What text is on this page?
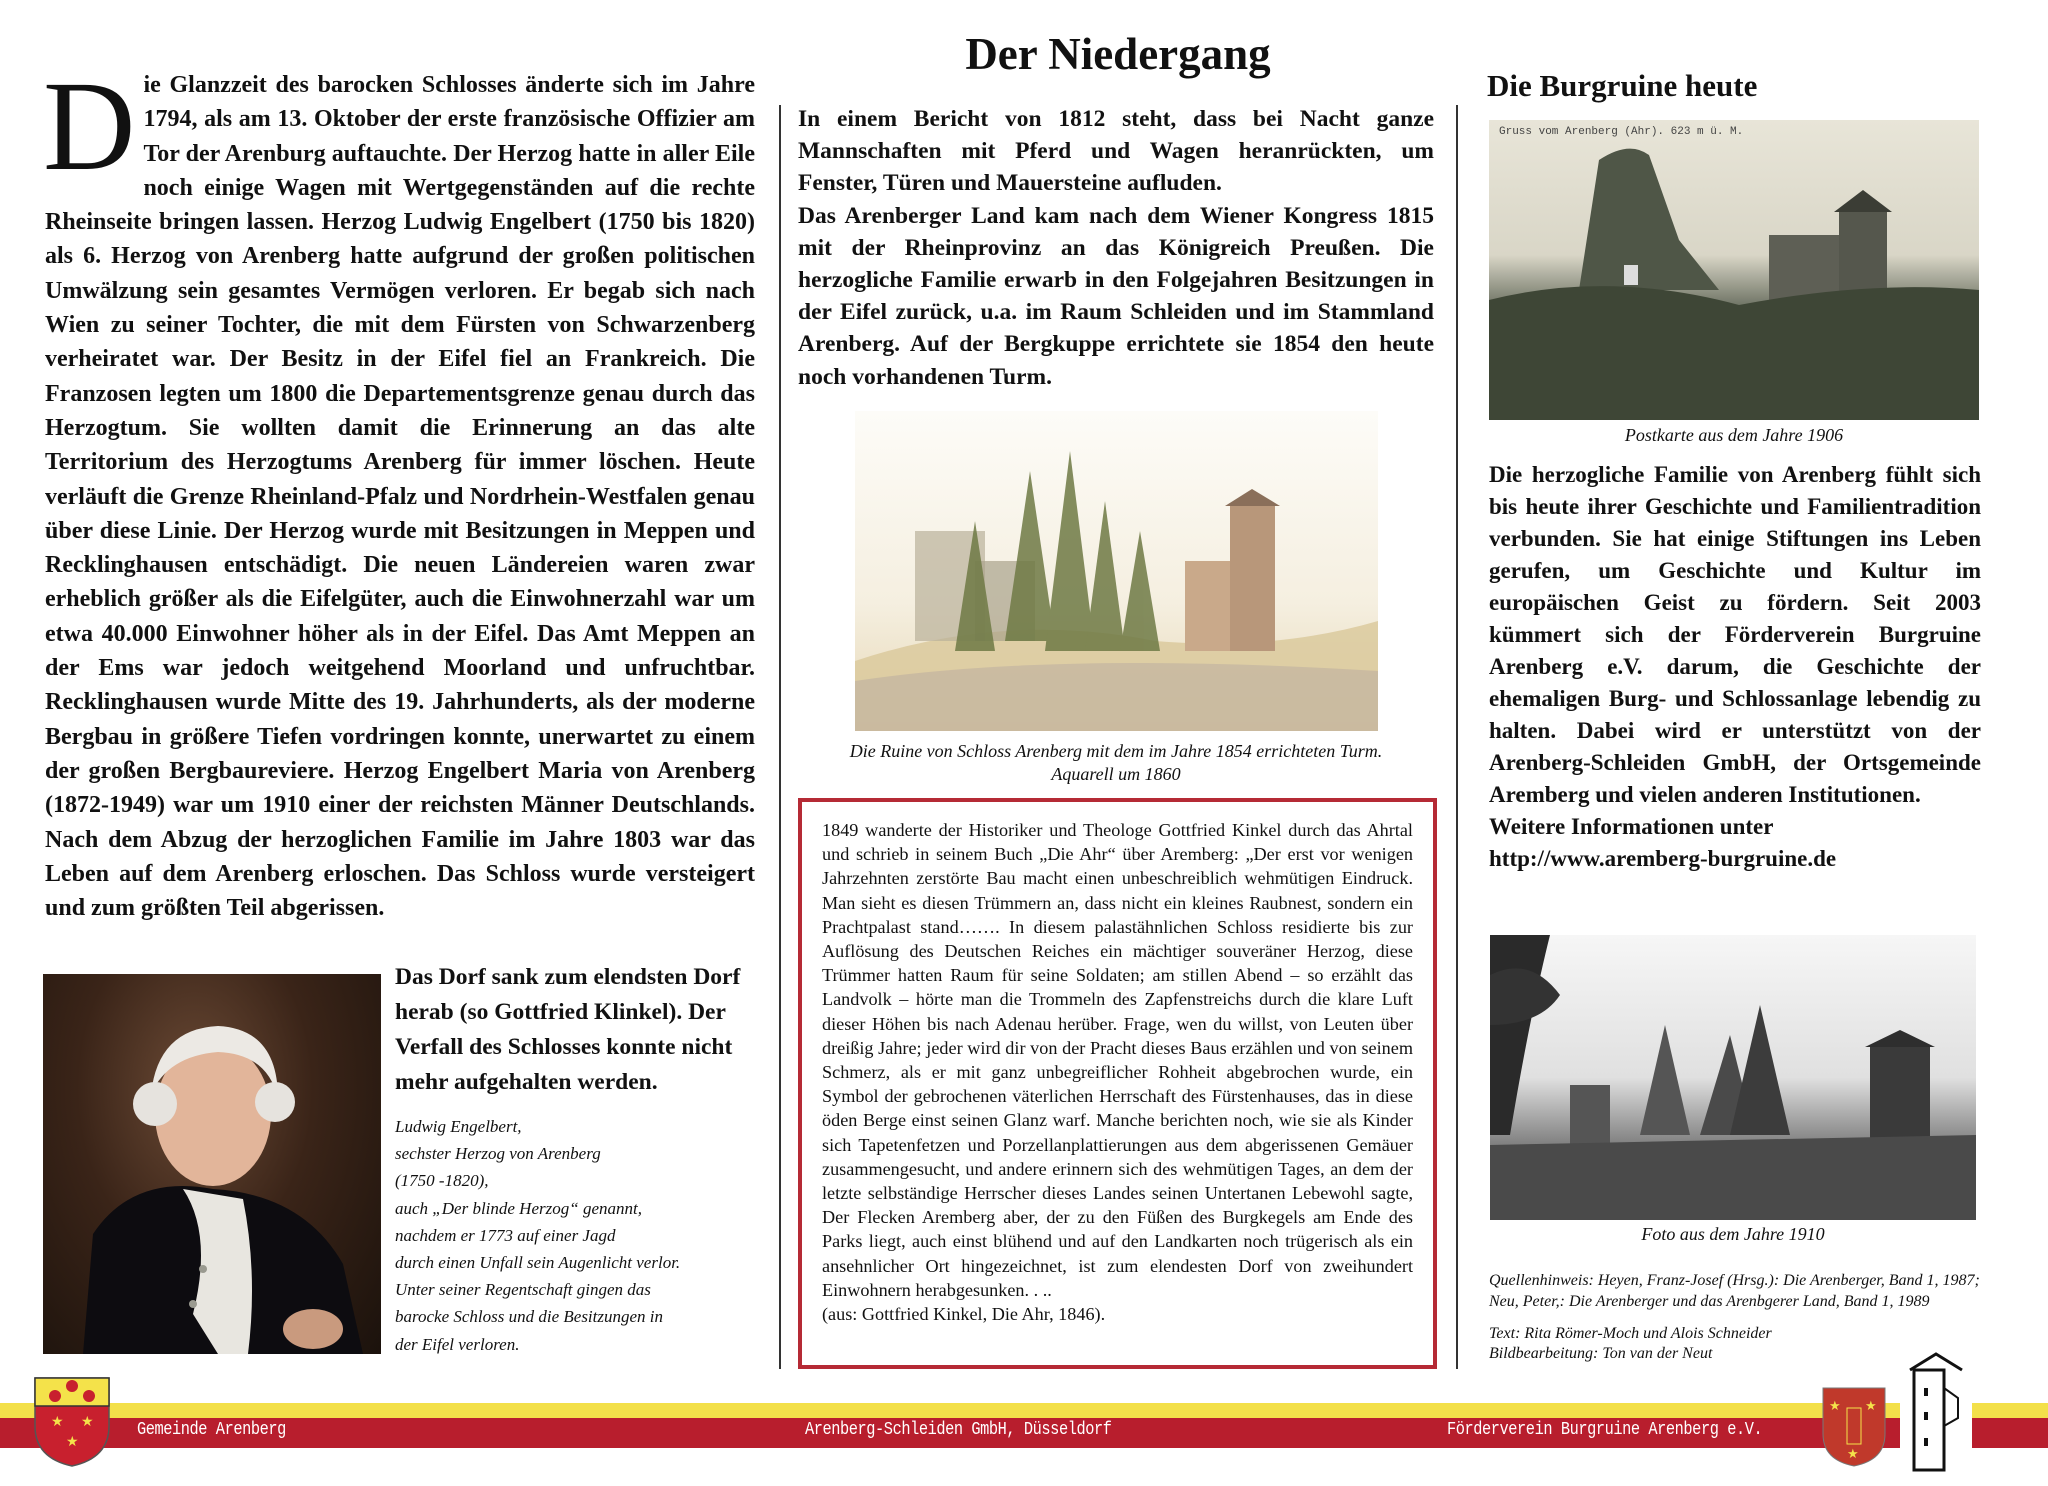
Die Glanzzeit des barocken Schlosses änderte sich im Jahre 1794, als am 13. Oktober der erste französische Offizier am Tor der Arenburg auftauchte. Der Herzog hatte in aller Eile noch einige Wagen mit Wertgegenständen auf die rechte Rheinseite bringen lassen. Herzog Ludwig Engelbert (1750 bis 1820) als 6. Herzog von Arenberg hatte aufgrund der großen politischen Umwälzung sein gesamtes Vermögen verloren. Er begab sich nach Wien zu seiner Tochter, die mit dem Fürsten von Schwarzenberg verheiratet war. Der Besitz in der Eifel fiel an Frankreich. Die Franzosen legten um 1800 die Departementsgrenze genau durch das Herzogtum. Sie wollten damit die Erinnerung an das alte Territorium des Herzogtums Arenberg für immer löschen. Heute verläuft die Grenze Rheinland-Pfalz und Nordrhein-Westfalen genau über diese Linie. Der Herzog wurde mit Besitzungen in Meppen und Recklinghausen entschädigt. Die neuen Ländereien waren zwar erheblich größer als die Eifelgüter, auch die Einwohnerzahl war um etwa 40.000 Einwohner höher als in der Eifel. Das Amt Meppen an der Ems war jedoch weitgehend Moorland und unfruchtbar. Recklinghausen wurde Mitte des 19. Jahrhunderts, als der moderne Bergbau in größere Tiefen vordringen konnte, unerwartet zu einem der großen Bergbaureviere. Herzog Engelbert Maria von Arenberg (1872-1949) war um 1910 einer der reichsten Männer Deutschlands. Nach dem Abzug der herzoglichen Familie im Jahre 1803 war das Leben auf dem Arenberg erloschen. Das Schloss wurde versteigert und zum größten Teil abgerissen.
Das Dorf sank zum elendsten Dorf herab (so Gottfried Klinkel). Der Verfall des Schlosses konnte nicht mehr aufgehalten werden.
Ludwig Engelbert,
sechster Herzog von Arenberg
(1750 -1820),
auch „Der blinde Herzog“ genannt,
nachdem er 1773 auf einer Jagd
durch einen Unfall sein Augenlicht verlor.
Unter seiner Regentschaft gingen das
barocke Schloss und die Besitzungen in
der Eifel verloren.
Der Niedergang
In einem Bericht von 1812 steht, dass bei Nacht ganze Mannschaften mit Pferd und Wagen heranrückten, um Fenster, Türen und Mauersteine aufluden.
Das Arenberger Land kam nach dem Wiener Kongress 1815 mit der Rheinprovinz an das Königreich Preußen. Die herzogliche Familie erwarb in den Folgejahren Besitzungen in der Eifel zurück, u.a. im Raum Schleiden und im Stammland Arenberg. Auf der Bergkuppe errichtete sie 1854 den heute noch vorhandenen Turm.
Die Ruine von Schloss Arenberg mit dem im Jahre 1854 errichteten Turm.
Aquarell um 1860
1849 wanderte der Historiker und Theologe Gottfried Kinkel durch das Ahrtal und schrieb in seinem Buch „Die Ahr“ über Aremberg: „Der erst vor wenigen Jahrzehnten zerstörte Bau macht einen unbeschreiblich wehmütigen Eindruck. Man sieht es diesen Trümmern an, dass nicht ein kleines Raubnest, sondern ein Prachtpalast stand……. In diesem palastähnlichen Schloss residierte bis zur Auflösung des Deutschen Reiches ein mächtiger souveräner Herzog, diese Trümmer hatten Raum für seine Soldaten; am stillen Abend – so erzählt das Landvolk – hörte man die Trommeln des Zapfenstreichs durch die klare Luft dieser Höhen bis nach Adenau herüber. Frage, wen du willst, von Leuten über dreißig Jahre; jeder wird dir von der Pracht dieses Baus erzählen und von seinem Schmerz, als er mit ganz unbegreiflicher Rohheit abgebrochen wurde, ein Symbol der gebrochenen väterlichen Herrschaft des Fürstenhauses, das in diese öden Berge einst seinen Glanz warf. Manche berichten noch, wie sie als Kinder sich Tapetenfetzen und Porzellanplattierungen aus dem abgerissenen Gemäuer zusammengesucht, und andere erinnern sich des wehmütigen Tages, an dem der letzte selbständige Herrscher dieses Landes seinen Untertanen Lebewohl sagte, Der Flecken Aremberg aber, der zu den Füßen des Burgkegels am Ende des Parks liegt, auch einst blühend und auf den Landkarten noch trügerisch als ein ansehnlicher Ort hingezeichnet, ist zum elendesten Dorf von zweihundert Einwohnern herabgesunken. . ..
(aus: Gottfried Kinkel, Die Ahr, 1846).
Die Burgruine heute
Gruss vom Arenberg (Ahr). 623 m ü. M.
Postkarte aus dem Jahre 1906
Die herzogliche Familie von Arenberg fühlt sich bis heute ihrer Geschichte und Familientradition verbunden. Sie hat einige Stiftungen ins Leben gerufen, um Geschichte und Kultur im europäischen Geist zu fördern. Seit 2003 kümmert sich der Förderverein Burgruine Arenberg e.V. darum, die Geschichte der ehemaligen Burg- und Schlossanlage lebendig zu halten. Dabei wird er unterstützt von der Arenberg-Schleiden GmbH, der Ortsgemeinde Aremberg und vielen anderen Institutionen.
Weitere Informationen unter
http://www.aremberg-burgruine.de
Foto aus dem Jahre 1910
Quellenhinweis: Heyen, Franz-Josef (Hrsg.): Die Arenberger, Band 1, 1987;
Neu, Peter,: Die Arenberger und das Arenbgerer Land, Band 1, 1989
Text: Rita Römer-Moch und Alois Schneider
Bildbearbeitung: Ton van der Neut
Gemeinde Arenberg	Arenberg-Schleiden GmbH, Düsseldorf	Förderverein Burgruine Arenberg e.V.
★ ★
★
★ ★
★
